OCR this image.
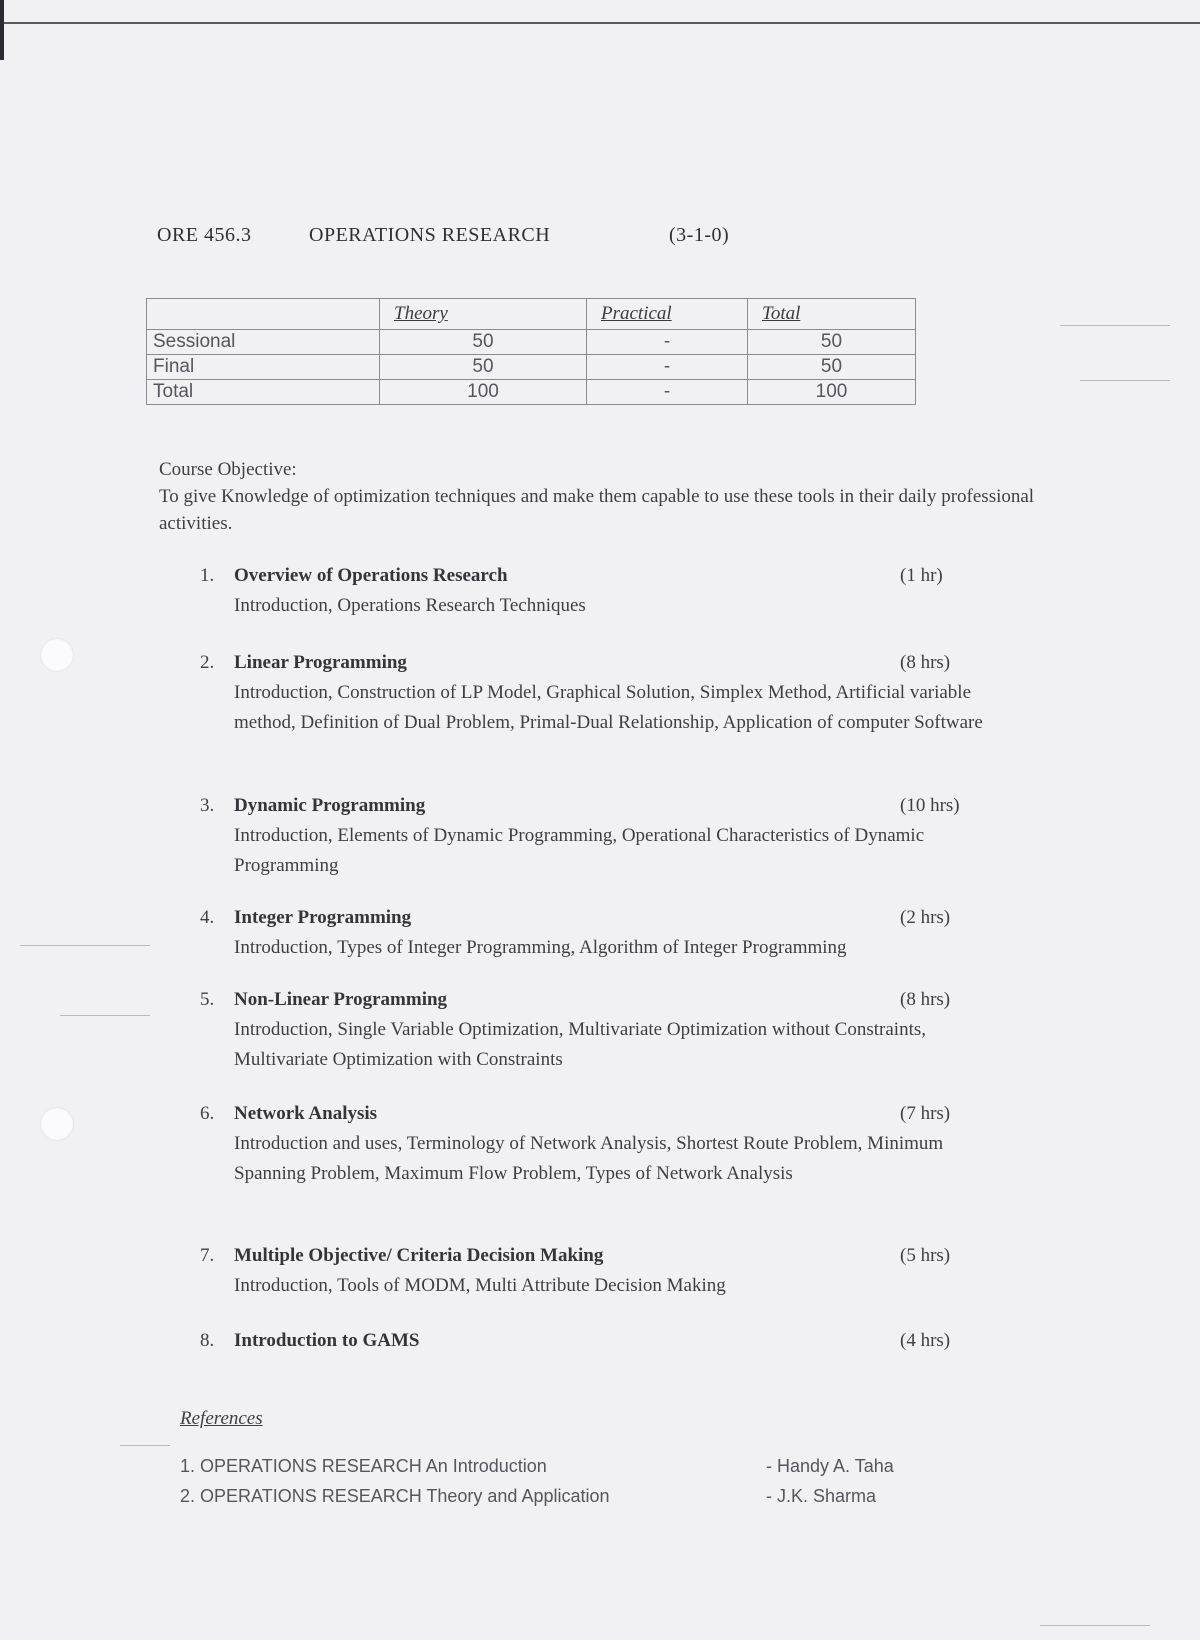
ORE 456.3	OPERATIONS RESEARCH	(3-1-0)
	Theory	Practical	Total
Sessional	50	-	50
Final	50	-	50
Total	100	-	100
Course Objective:
To give Knowledge of optimization techniques and make them capable to use these tools in their daily professional activities.
1. Overview of Operations Research	(1 hr)
Introduction, Operations Research Techniques
2. Linear Programming	(8 hrs)
Introduction, Construction of LP Model, Graphical Solution, Simplex Method, Artificial variable method, Definition of Dual Problem, Primal-Dual Relationship, Application of computer Software
3. Dynamic Programming	(10 hrs)
Introduction, Elements of Dynamic Programming, Operational Characteristics of Dynamic Programming
4. Integer Programming	(2 hrs)
Introduction, Types of Integer Programming, Algorithm of Integer Programming
5. Non-Linear Programming	(8 hrs)
Introduction, Single Variable Optimization, Multivariate Optimization without Constraints, Multivariate Optimization with Constraints
6. Network Analysis	(7 hrs)
Introduction and uses, Terminology of Network Analysis, Shortest Route Problem, Minimum Spanning Problem, Maximum Flow Problem, Types of Network Analysis
7. Multiple Objective/ Criteria Decision Making	(5 hrs)
Introduction, Tools of MODM, Multi Attribute Decision Making
8. Introduction to GAMS	(4 hrs)
References
1. OPERATIONS RESEARCH An Introduction	- Handy A. Taha
2. OPERATIONS RESEARCH Theory and Application	- J.K. Sharma
